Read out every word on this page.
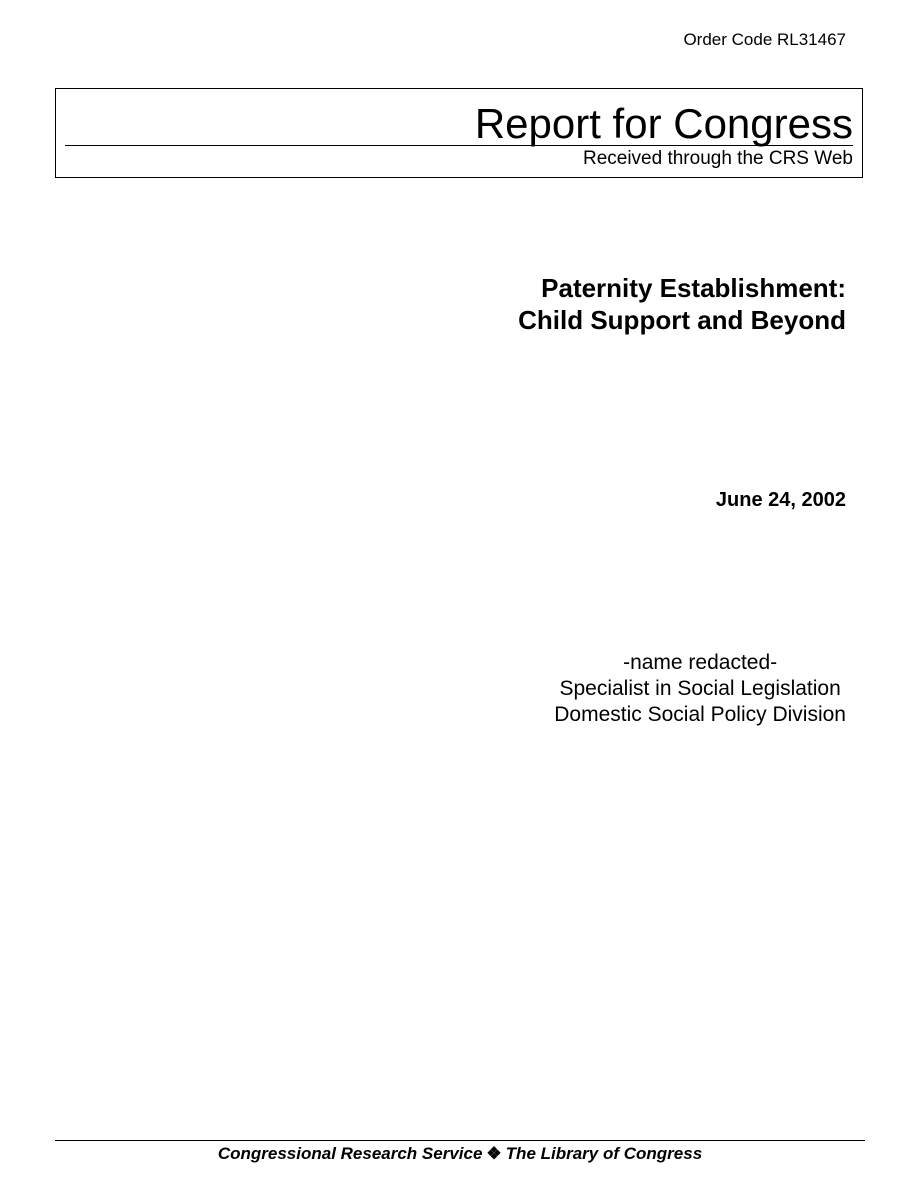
Order Code RL31467
Report for Congress
Received through the CRS Web
Paternity Establishment:
Child Support and Beyond
June 24, 2002
-name redacted-
Specialist in Social Legislation
Domestic Social Policy Division
Congressional Research Service ❖ The Library of Congress
